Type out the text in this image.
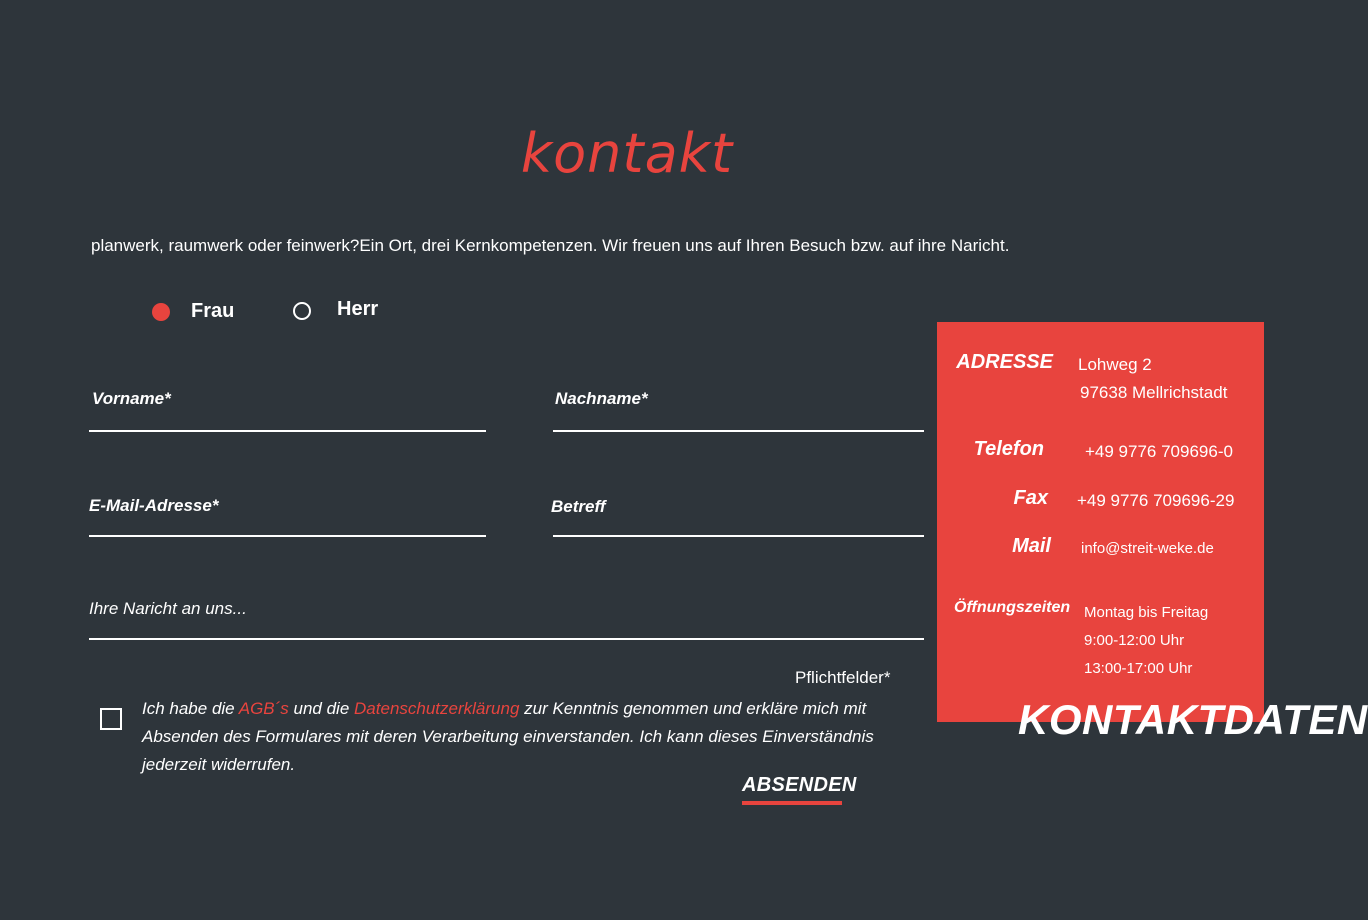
kontakt
planwerk, raumwerk oder feinwerk?Ein Ort, drei Kernkompetenzen. Wir freuen uns auf Ihren Besuch bzw. auf ihre Naricht.
Frau	Herr
Vorname*	Nachname*
E-Mail-Adresse*	Betreff
Ihre Naricht an uns...
Pflichtfelder*
Ich habe die AGB´s und die Datenschutzerklärung zur Kenntnis genommen und erkläre mich mit Absenden des Formulares mit deren Verarbeitung einverstanden. Ich kann dieses Einverständnis jederzeit widerrufen.
ABSENDEN
ADRESSE Lohweg 2
97638 Mellrichstadt
Telefon +49 9776 709696-0
Fax +49 9776 709696-29
Mail info@streit-weke.de
Öffnungszeiten Montag bis Freitag
9:00-12:00 Uhr
13:00-17:00 Uhr
KONTAKTDATEN
